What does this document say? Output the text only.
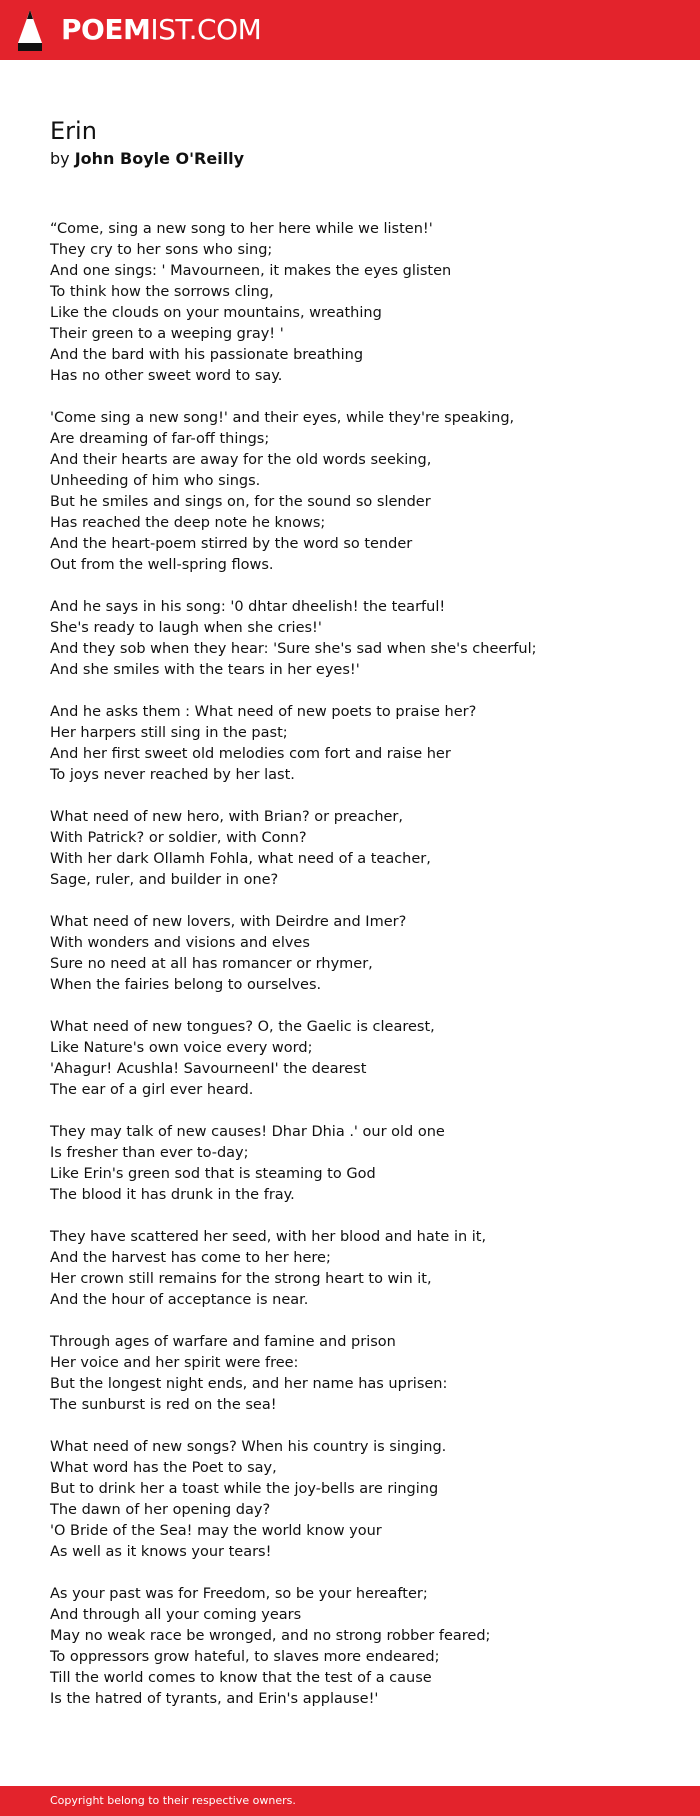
POEMIST.COM
Erin
by John Boyle O'Reilly
“Come, sing a new song to her here while we listen!'
They cry to her sons who sing;
And one sings: ' Mavourneen, it makes the eyes glisten
To think how the sorrows cling,
Like the clouds on your mountains, wreathing
Their green to a weeping gray! '
And the bard with his passionate breathing
Has no other sweet word to say.
'Come sing a new song!' and their eyes, while they're speaking,
Are dreaming of far-off things;
And their hearts are away for the old words seeking,
Unheeding of him who sings.
But he smiles and sings on, for the sound so slender
Has reached the deep note he knows;
And the heart-poem stirred by the word so tender
Out from the well-spring flows.
And he says in his song: '0 dhtar dheelish! the tearful!
She's ready to laugh when she cries!'
And they sob when they hear: 'Sure she's sad when she's cheerful;
And she smiles with the tears in her eyes!'
And he asks them : What need of new poets to praise her?
Her harpers still sing in the past;
And her first sweet old melodies com fort and raise her
To joys never reached by her last.
What need of new hero, with Brian? or preacher,
With Patrick? or soldier, with Conn?
With her dark Ollamh Fohla, what need of a teacher,
Sage, ruler, and builder in one?
What need of new lovers, with Deirdre and Imer?
With wonders and visions and elves
Sure no need at all has romancer or rhymer,
When the fairies belong to ourselves.
What need of new tongues? O, the Gaelic is clearest,
Like Nature's own voice every word;
'Ahagur! Acushla! SavourneenI' the dearest
The ear of a girl ever heard.
They may talk of new causes! Dhar Dhia .' our old one
Is fresher than ever to-day;
Like Erin's green sod that is steaming to God
The blood it has drunk in the fray.
They have scattered her seed, with her blood and hate in it,
And the harvest has come to her here;
Her crown still remains for the strong heart to win it,
And the hour of acceptance is near.
Through ages of warfare and famine and prison
Her voice and her spirit were free:
But the longest night ends, and her name has uprisen:
The sunburst is red on the sea!
What need of new songs? When his country is singing.
What word has the Poet to say,
But to drink her a toast while the joy-bells are ringing
The dawn of her opening day?
'O Bride of the Sea! may the world know your
As well as it knows your tears!
As your past was for Freedom, so be your hereafter;
And through all your coming years
May no weak race be wronged, and no strong robber feared;
To oppressors grow hateful, to slaves more endeared;
Till the world comes to know that the test of a cause
Is the hatred of tyrants, and Erin's applause!'
Copyright belong to their respective owners.
